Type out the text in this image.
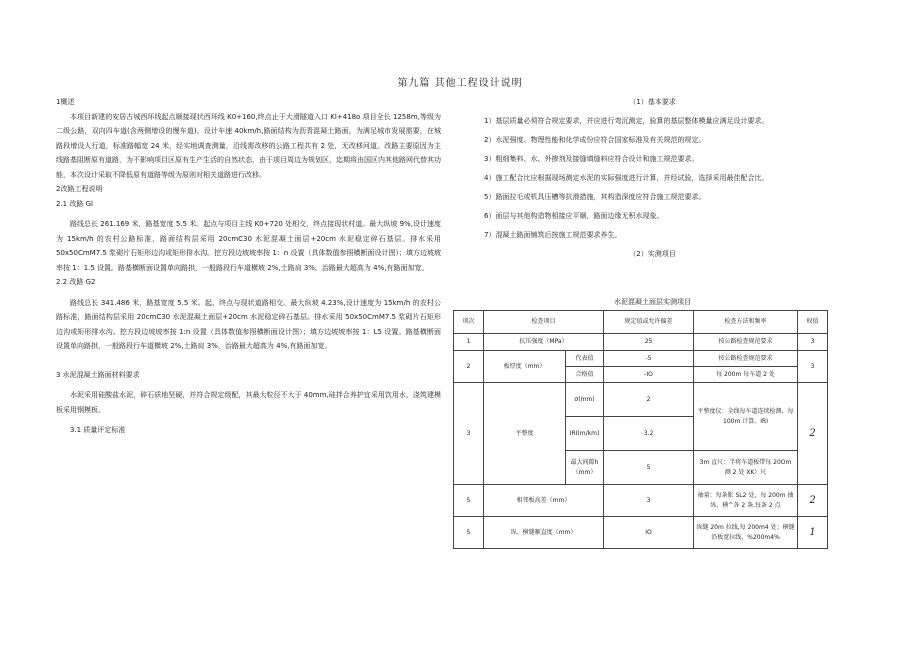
第九篇 其他工程设计说明

1概述

本项目新建的安居古城西环线起点顺接现状西环线 K0+160,终点止于大滑隧道入口 Kl+418o 项目全长 1258m,等级为二级公路，双向四车道(含两侧增设的慢车道)，设计车速 40km/h,路面结构为沥青混凝土路面，为满足城市发展需要，在城路段增设人行道，标准路幅宽 24 米，经实地调查测量，沿线需改移的公路工程共有 2 处，无改移河道。改路主要原因为主线路基阻断原有道路，为不影响项目区原有生产生活的自然状态，由于项目周边为规划区，迄期将由国区内其他路网代替其功能，本次设计采取不降低原有道路等级为原则对相关道路进行改移。

2改路工程说明

2.1 改路 Gl

路线总长 261.169 米，路基宽度 5.5 米。起点与项目主线 K0+720 处相交，终点接现状村道。最大纵坡 9%,设计速度为 15km/h 的农村公路标准，路面结构层采用 20cmC30 水泥混凝土面层+20cm 水泥稳定碎石基层。排水采用 50x50CmM7.5 浆砌片石矩形边沟或矩形排水沟。挖方段边坡坡率按 1：n 设置（具体数值参照横断面设计图）；填方边坡坡率按 1：1.5 设置。路基横断面设置单向路拱，一般路段行车道横坡 2%,土路肩 3%。治路最大超高为 4%,有路面加宽。

2.2 改路 G2

路线总长 341.486 米，路基宽度 5.5 米。起、终点与现状道路相交。最大纵坡 4.23%,设计速度为 15km/h 的农村公路标准，路面结构层采用 20cmC30 水泥混凝土面层+20cm 水泥稳定碎石基层。排水采用 50x50CmM7.5 浆砌片石矩形边沟或矩形排水沟。挖方段边坡坡率按 1:n 设置（具体数值参照横断面设计图）；填方边坡坡率按 1：L5 设置。路基横断面设置单向路拱，一般路段行车道横坡 2%,土路肩 3%，治路最大超高为 4%,有路面加宽。

3 水泥混凝土路面材料要求

水泥采用硅酸盐水泥，碎石质地坚硬，并符合规定级配，其最大粒径不大于 40mm,硅拌合养护宜采用饮用水，浇筑建模板采用钢模板。

3.1 质量评定标准

（1）基本要求

1）基层质量必须符合规定要求，并应进行弯沉测定，验算的基层整体模量应满足设计要求。

2）水泥强度、物理性能和化学成份应符合国家标准及有关规范的规定。

3）粗细集料、水、外掺剂及接缝填缝料应符合设计和施工规范要求。

4）施工配合比应根据现场测定水泥的实际强度进行计算，并经试验，选择采用最佳配合比。

5）路面拉毛或机具压槽等抗滑措施，其构造深度应符合施工规范要求。

6）面层与其他构造物相接应平顺，路面边缘无积水现象。

7）混凝土路面铺筑后按施工规范要求养生。

（2）实测项目

水泥混凝土面层实测项目
项次	检查项目		规定值或允许偏差	检查方法和频率	权值
1	抗压强度（MPa）		25	按公路检查规范要求	3
2	板厚度（mm）	代表值	-5	按公路检查规范要求	3
		合格值	-IO	每 200m 每车道 2 处	
3	平整度	σ(mm)	2	平整度仪：全线每车道连续检测，每 100m 计算。IRI	2
		IRI(m/km)	3.2		
		最大间隙h（mm）	5	3m 直尺：半将车道板带每 20Om 测 2 处 XK）尺	
5	相邻板高差（mm）		3	抽量：每条胀 SL2 处，每 200m 抽纵、横^各 2 条,每条 2 点	2
5	纵、横缝顺直度（mm）		IO	纵缝 20m 拉线,每 200m4 处；横缝沿板宽拉线，%200m4%	1
